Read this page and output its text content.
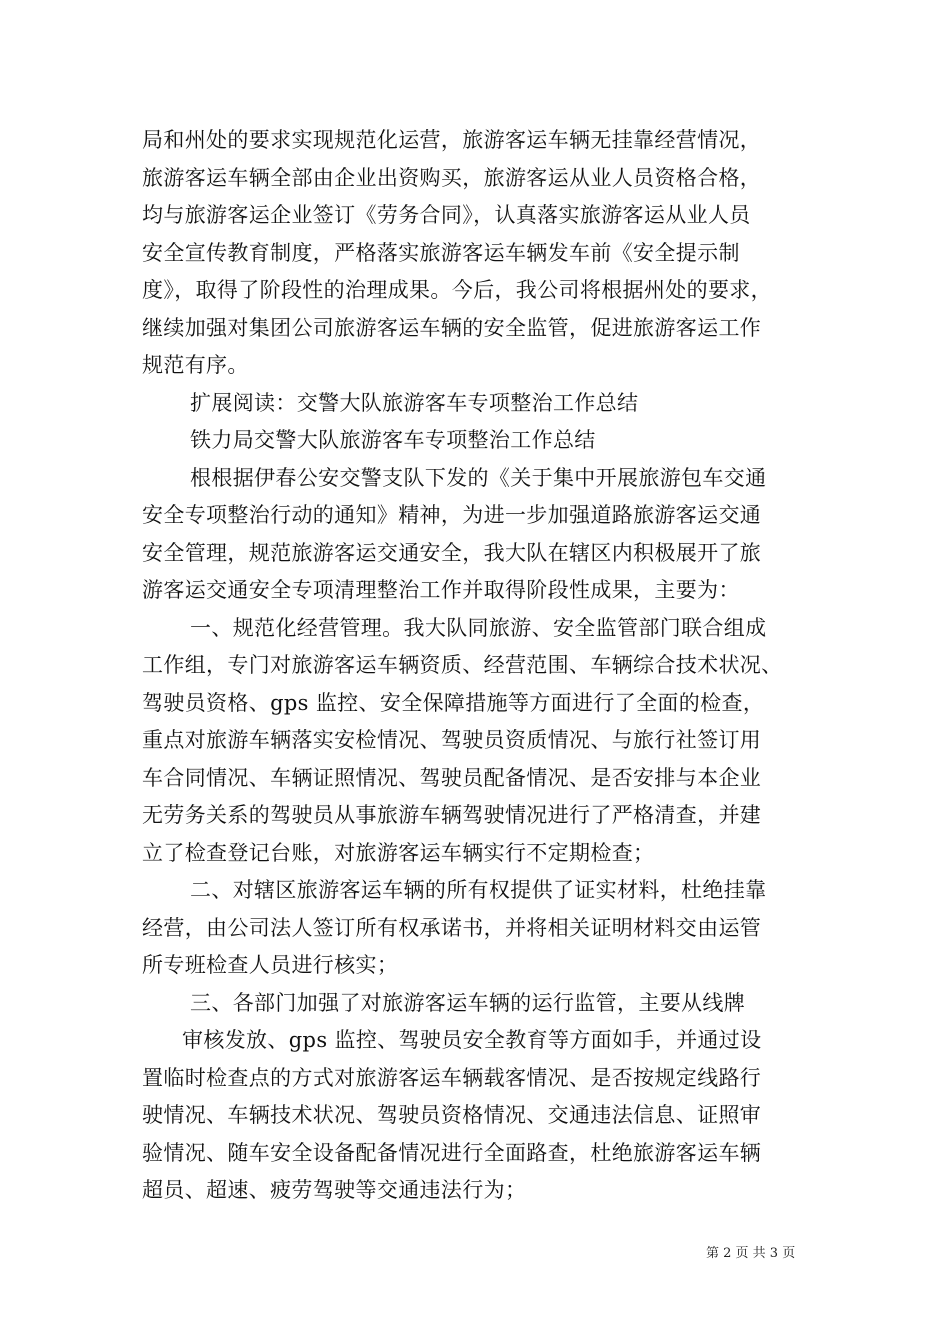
局和州处的要求实现规范化运营，旅游客运车辆无挂靠经营情况，
旅游客运车辆全部由企业出资购买，旅游客运从业人员资格合格，
均与旅游客运企业签订《劳务合同》，认真落实旅游客运从业人员
安全宣传教育制度，严格落实旅游客运车辆发车前《安全提示制
度》，取得了阶段性的治理成果。今后，我公司将根据州处的要求，
继续加强对集团公司旅游客运车辆的安全监管，促进旅游客运工作
规范有序。
扩展阅读：交警大队旅游客车专项整治工作总结
铁力局交警大队旅游客车专项整治工作总结
根根据伊春公安交警支队下发的《关于集中开展旅游包车交通
安全专项整治行动的通知》精神，为进一步加强道路旅游客运交通
安全管理，规范旅游客运交通安全，我大队在辖区内积极展开了旅
游客运交通安全专项清理整治工作并取得阶段性成果，主要为：
一、规范化经营管理。我大队同旅游、安全监管部门联合组成
工作组，专门对旅游客运车辆资质、经营范围、车辆综合技术状况、
驾驶员资格、gps 监控、安全保障措施等方面进行了全面的检查，
重点对旅游车辆落实安检情况、驾驶员资质情况、与旅行社签订用
车合同情况、车辆证照情况、驾驶员配备情况、是否安排与本企业
无劳务关系的驾驶员从事旅游车辆驾驶情况进行了严格清查，并建
立了检查登记台账，对旅游客运车辆实行不定期检查；
二、对辖区旅游客运车辆的所有权提供了证实材料，杜绝挂靠
经营，由公司法人签订所有权承诺书，并将相关证明材料交由运管
所专班检查人员进行核实；
三、各部门加强了对旅游客运车辆的运行监管，主要从线牌
审核发放、gps 监控、驾驶员安全教育等方面如手，并通过设
置临时检查点的方式对旅游客运车辆载客情况、是否按规定线路行
驶情况、车辆技术状况、驾驶员资格情况、交通违法信息、证照审
验情况、随车安全设备配备情况进行全面路查，杜绝旅游客运车辆
超员、超速、疲劳驾驶等交通违法行为；
第 2 页 共 3 页
